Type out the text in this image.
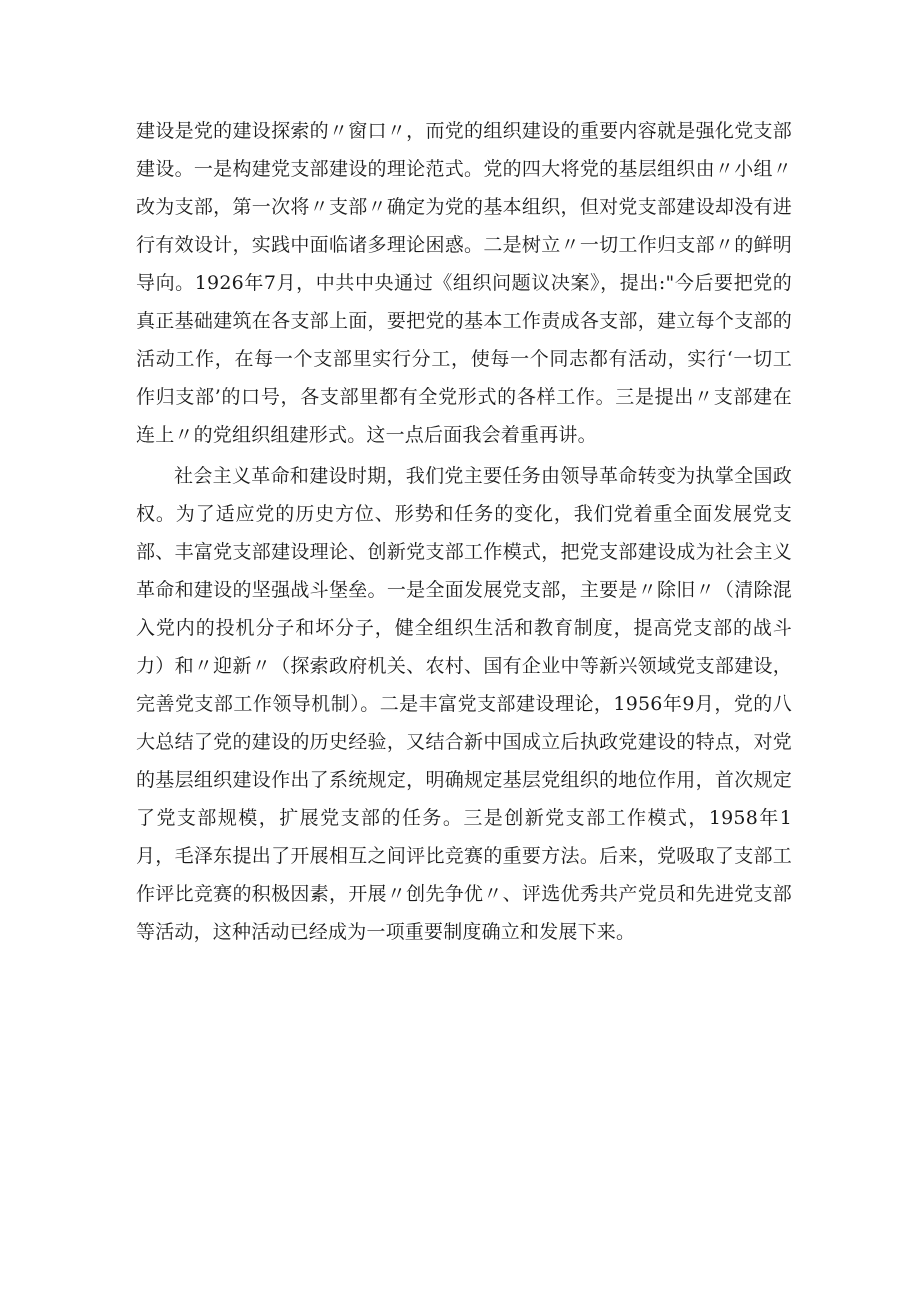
建设是党的建设探索的〃窗口〃，而党的组织建设的重要内容就是强化党支部建设。一是构建党支部建设的理论范式。党的四大将党的基层组织由〃小组〃改为支部，第一次将〃支部〃确定为党的基本组织，但对党支部建设却没有进行有效设计，实践中面临诸多理论困惑。二是树立〃一切工作归支部〃的鲜明导向。1926年7月，中共中央通过《组织问题议决案》，提出:"今后要把党的真正基础建筑在各支部上面，要把党的基本工作责成各支部，建立每个支部的活动工作，在每一个支部里实行分工，使每一个同志都有活动，实行‘一切工作归支部’的口号，各支部里都有全党形式的各样工作。三是提出〃支部建在连上〃的党组织组建形式。这一点后面我会着重再讲。

社会主义革命和建设时期，我们党主要任务由领导革命转变为执掌全国政权。为了适应党的历史方位、形势和任务的变化，我们党着重全面发展党支部、丰富党支部建设理论、创新党支部工作模式，把党支部建设成为社会主义革命和建设的坚强战斗堡垒。一是全面发展党支部，主要是〃除旧〃（清除混入党内的投机分子和坏分子，健全组织生活和教育制度，提高党支部的战斗力）和〃迎新〃（探索政府机关、农村、国有企业中等新兴领域党支部建设，完善党支部工作领导机制）。二是丰富党支部建设理论，1956年9月，党的八大总结了党的建设的历史经验，又结合新中国成立后执政党建设的特点，对党的基层组织建设作出了系统规定，明确规定基层党组织的地位作用，首次规定了党支部规模，扩展党支部的任务。三是创新党支部工作模式，1958年1月，毛泽东提出了开展相互之间评比竞赛的重要方法。后来，党吸取了支部工作评比竞赛的积极因素，开展〃创先争优〃、评选优秀共产党员和先进党支部等活动，这种活动已经成为一项重要制度确立和发展下来。
